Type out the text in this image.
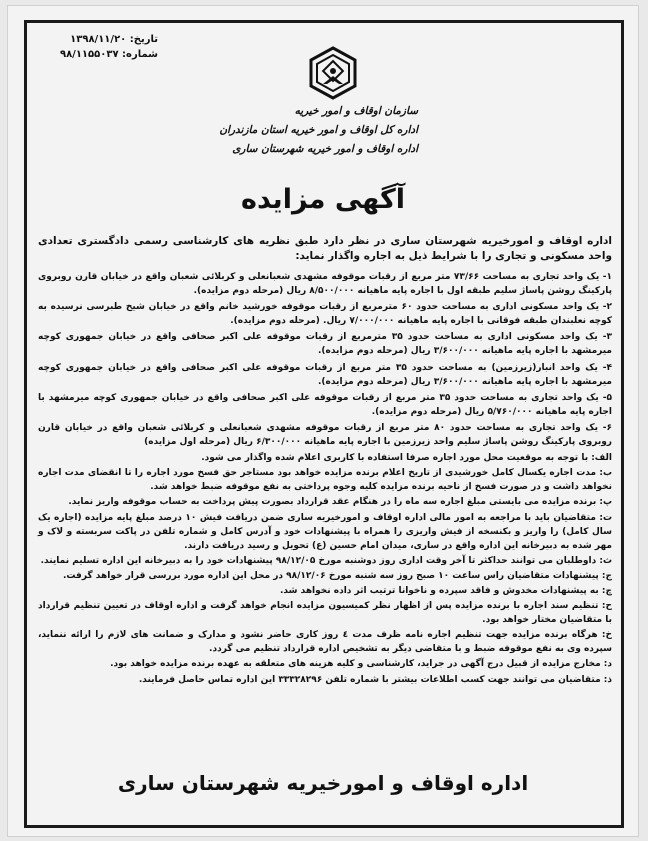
تاریخ: ۱۳۹۸/۱۱/۲۰
شماره: ۹۸/۱۱۵۵۰۳۷
سازمان اوقاف و امور خیریه
اداره کل اوقاف و امور خیریه استان مازندران
اداره اوقاف و امور خیریه شهرستان ساری
آگهی مزایده

اداره اوقاف و امورخیریه شهرستان ساری در نظر دارد طبق نظریه های کارشناسی رسمی دادگستری تعدادی واحد مسکونی و تجاری را با شرایط ذیل به اجاره واگذار نماید:

۱- یک واحد تجاری به مساحت ۷۳/۶۶ متر مربع از رقبات موقوفه مشهدی شعبانعلی و کربلائی شعبان واقع در خیابان قارن روبروی پارکینگ روشن پاساژ سلیم طبقه اول با اجاره پایه ماهیانه ۸/۵۰۰/۰۰۰ ریال (مرحله دوم مزایده).

۲- یک واحد مسکونی اداری به مساحت حدود ۶۰ مترمربع از رقبات موقوفه خورشید خانم واقع در خیابان شیخ طبرسی نرسیده به کوچه نعلبندان طبقه فوقانی با اجاره پایه ماهیانه ۷/۰۰۰/۰۰۰ ریال. (مرحله دوم مزایده).

۳- یک واحد مسکونی اداری به مساحت حدود ۳۵ مترمربع از رقبات موقوفه علی اکبر صحافی واقع در خیابان جمهوری کوچه میرمشهد با اجاره پایه ماهیانه ۳/۶۰۰/۰۰۰ ریال (مرحله دوم مزایده).

۴- یک واحد انبار(زیرزمین) به مساحت حدود ۳۵ متر مربع از رقبات موقوفه علی اکبر صحافی واقع در خیابان جمهوری کوچه میرمشهد با اجاره پایه ماهیانه ۳/۶۰۰/۰۰۰ ریال (مرحله دوم مزایده).

۵- یک واحد تجاری به مساحت حدود ۳۵ متر مربع از رقبات موقوفه علی اکبر صحافی واقع در خیابان جمهوری کوچه میرمشهد با اجاره پایه ماهیانه ۵/۷۶۰/۰۰۰ ریال (مرحله دوم مزایده).

۶- یک واحد تجاری به مساحت حدود ۸۰ متر مربع از رقبات موقوفه مشهدی شعبانعلی و کربلائی شعبان واقع در خیابان قارن روبروی پارکینگ روشن پاساژ سلیم واحد زیرزمین با اجاره پایه ماهیانه ۶/۳۰۰/۰۰۰ ریال (مرحله اول مزایده)

الف: با توجه به موقعیت محل مورد اجاره صرفا استفاده با کاربری اعلام شده واگذار می شود.

ب: مدت اجاره یکسال کامل خورشیدی از تاریخ اعلام برنده مزایده خواهد بود مستاجر حق فسخ مورد اجاره را تا انقضای مدت اجاره نخواهد داشت و در صورت فسخ از ناحیه برنده مزایده کلیه وجوه پرداختی به نفع موقوفه ضبط خواهد شد.

پ: برنده مزایده می بایستی مبلغ اجاره سه ماه را در هنگام عقد قرارداد بصورت پیش پرداخت به حساب موقوفه واریز نماید.

ت: متقاضیان باید با مراجعه به امور مالی اداره اوقاف و امورخیریه ساری ضمن دریافت فیش ۱۰ درصد مبلغ پایه مزایده (اجاره یک سال کامل) را واریز و بکنسخه از فیش واریزی را همراه با پیشنهادات خود و آدرس کامل و شماره تلفن در پاکت سربسته و لاک و مهر شده به دبیرخانه این اداره واقع در ساری، میدان امام حسین (ع) تحویل و رسید دریافت دارند.

ث: داوطلبان می توانند حداکثر تا آخر وقت اداری روز دوشنبه مورخ ۹۸/۱۲/۰۵ پیشنهادات خود را به دبیرخانه این اداره تسلیم نمایند.

ج: پیشنهادات متقاضیان راس ساعت ۱۰ صبح روز سه شنبه مورخ ۹۸/۱۲/۰۶ در محل این اداره مورد بررسی قرار خواهد گرفت.

چ: به پیشنهادات مخدوش و فاقد سپرده و ناخوانا ترتیب اثر داده نخواهد شد.

ح: تنظیم سند اجاره با برنده مزایده پس از اظهار نظر کمیسیون مزایده انجام خواهد گرفت و اداره اوقاف در تعیین تنظیم قرارداد با متقاضیان مختار خواهد بود.

خ: هرگاه برنده مزایده جهت تنظیم اجاره نامه ظرف مدت ٤ روز کاری حاضر نشود و مدارک و ضمانت های لازم را ارائه ننماید، سپرده وی به نفع موقوفه ضبط و با متقاضی دیگر به تشخیص اداره قرارداد تنظیم می گردد.

د: مخارج مزایده از قبیل درج آگهی در جراید، کارشناسی و کلیه هزینه های متعلقه به عهده برنده مزایده خواهد بود.

ذ: متقاضیان می توانند جهت کسب اطلاعات بیشتر با شماره تلفن ۳۳۳۲۸۲۹۶ این اداره تماس حاصل فرمایند.

اداره اوقاف و امورخیریه شهرستان ساری
